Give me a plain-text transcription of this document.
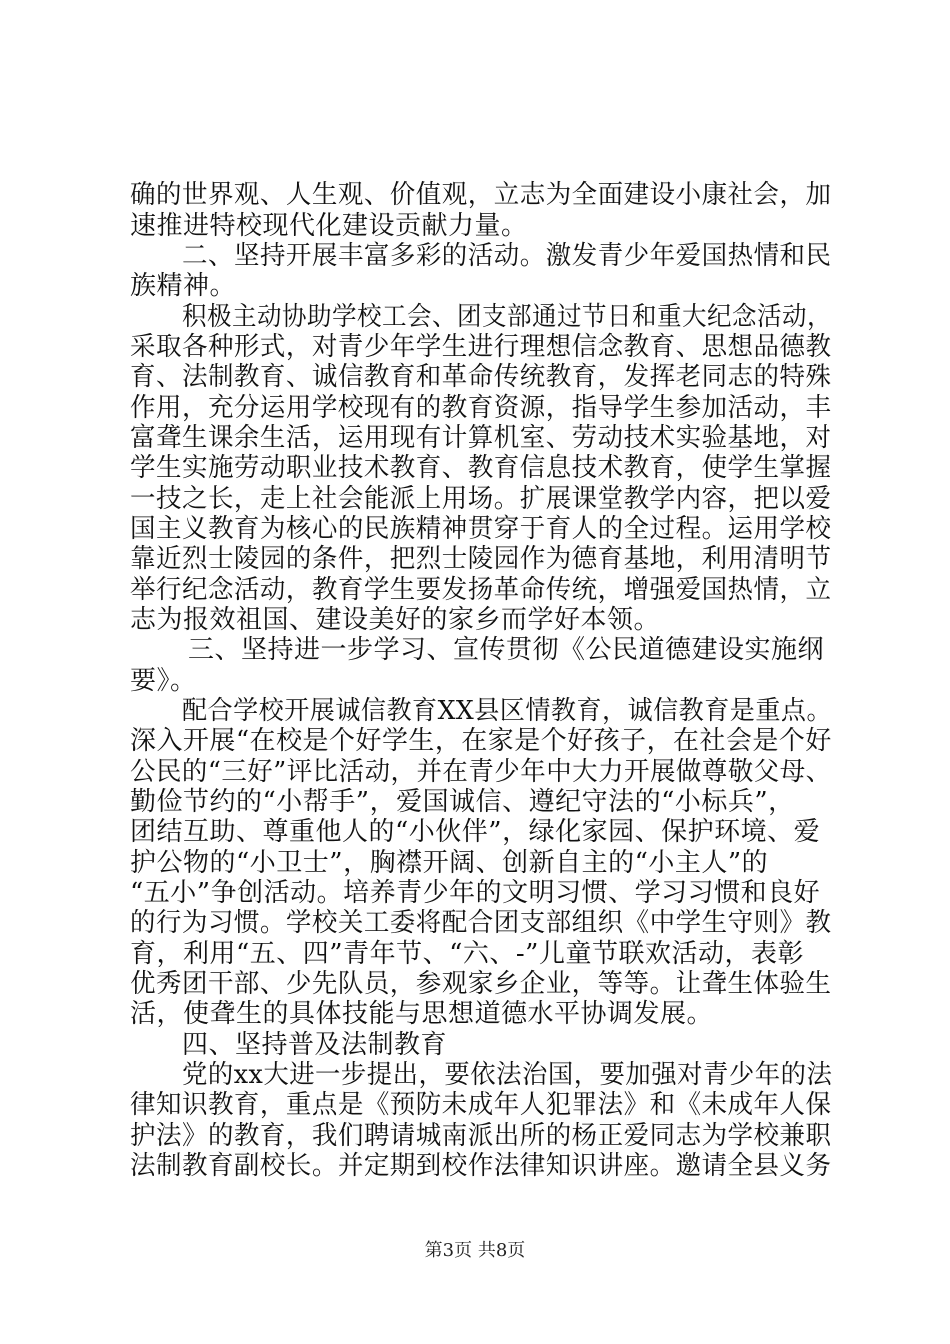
确的世界观、人生观、价值观，立志为全面建设小康社会，加
速推进特校现代化建设贡献力量。
二、坚持开展丰富多彩的活动。激发青少年爱国热情和民
族精神。
积极主动协助学校工会、团支部通过节日和重大纪念活动，
采取各种形式，对青少年学生进行理想信念教育、思想品德教
育、法制教育、诚信教育和革命传统教育，发挥老同志的特殊
作用，充分运用学校现有的教育资源，指导学生参加活动，丰
富聋生课余生活，运用现有计算机室、劳动技术实验基地，对
学生实施劳动职业技术教育、教育信息技术教育，使学生掌握
一技之长，走上社会能派上用场。扩展课堂教学内容，把以爱
国主义教育为核心的民族精神贯穿于育人的全过程。运用学校
靠近烈士陵园的条件，把烈士陵园作为德育基地，利用清明节
举行纪念活动，教育学生要发扬革命传统，增强爱国热情，立
志为报效祖国、建设美好的家乡而学好本领。
三、坚持进一步学习、宣传贯彻《公民道德建设实施纲
要》。
配合学校开展诚信教育XX县区情教育，诚信教育是重点。
深入开展“在校是个好学生，在家是个好孩子，在社会是个好
公民的“三好”评比活动，并在青少年中大力开展做尊敬父母、
勤俭节约的“小帮手”，爱国诚信、遵纪守法的“小标兵”，
团结互助、尊重他人的“小伙伴”，绿化家园、保护环境、爱
护公物的“小卫士”，胸襟开阔、创新自主的“小主人”的
“五小”争创活动。培养青少年的文明习惯、学习习惯和良好
的行为习惯。学校关工委将配合团支部组织《中学生守则》教
育，利用“五、四”青年节、“六、-”儿童节联欢活动，表彰
优秀团干部、少先队员，参观家乡企业，等等。让聋生体验生
活，使聋生的具体技能与思想道德水平协调发展。
四、坚持普及法制教育
党的xx大进一步提出，要依法治国，要加强对青少年的法
律知识教育，重点是《预防未成年人犯罪法》和《未成年人保
护法》的教育，我们聘请城南派出所的杨正爱同志为学校兼职
法制教育副校长。并定期到校作法律知识讲座。邀请全县义务
第3页 共8页
